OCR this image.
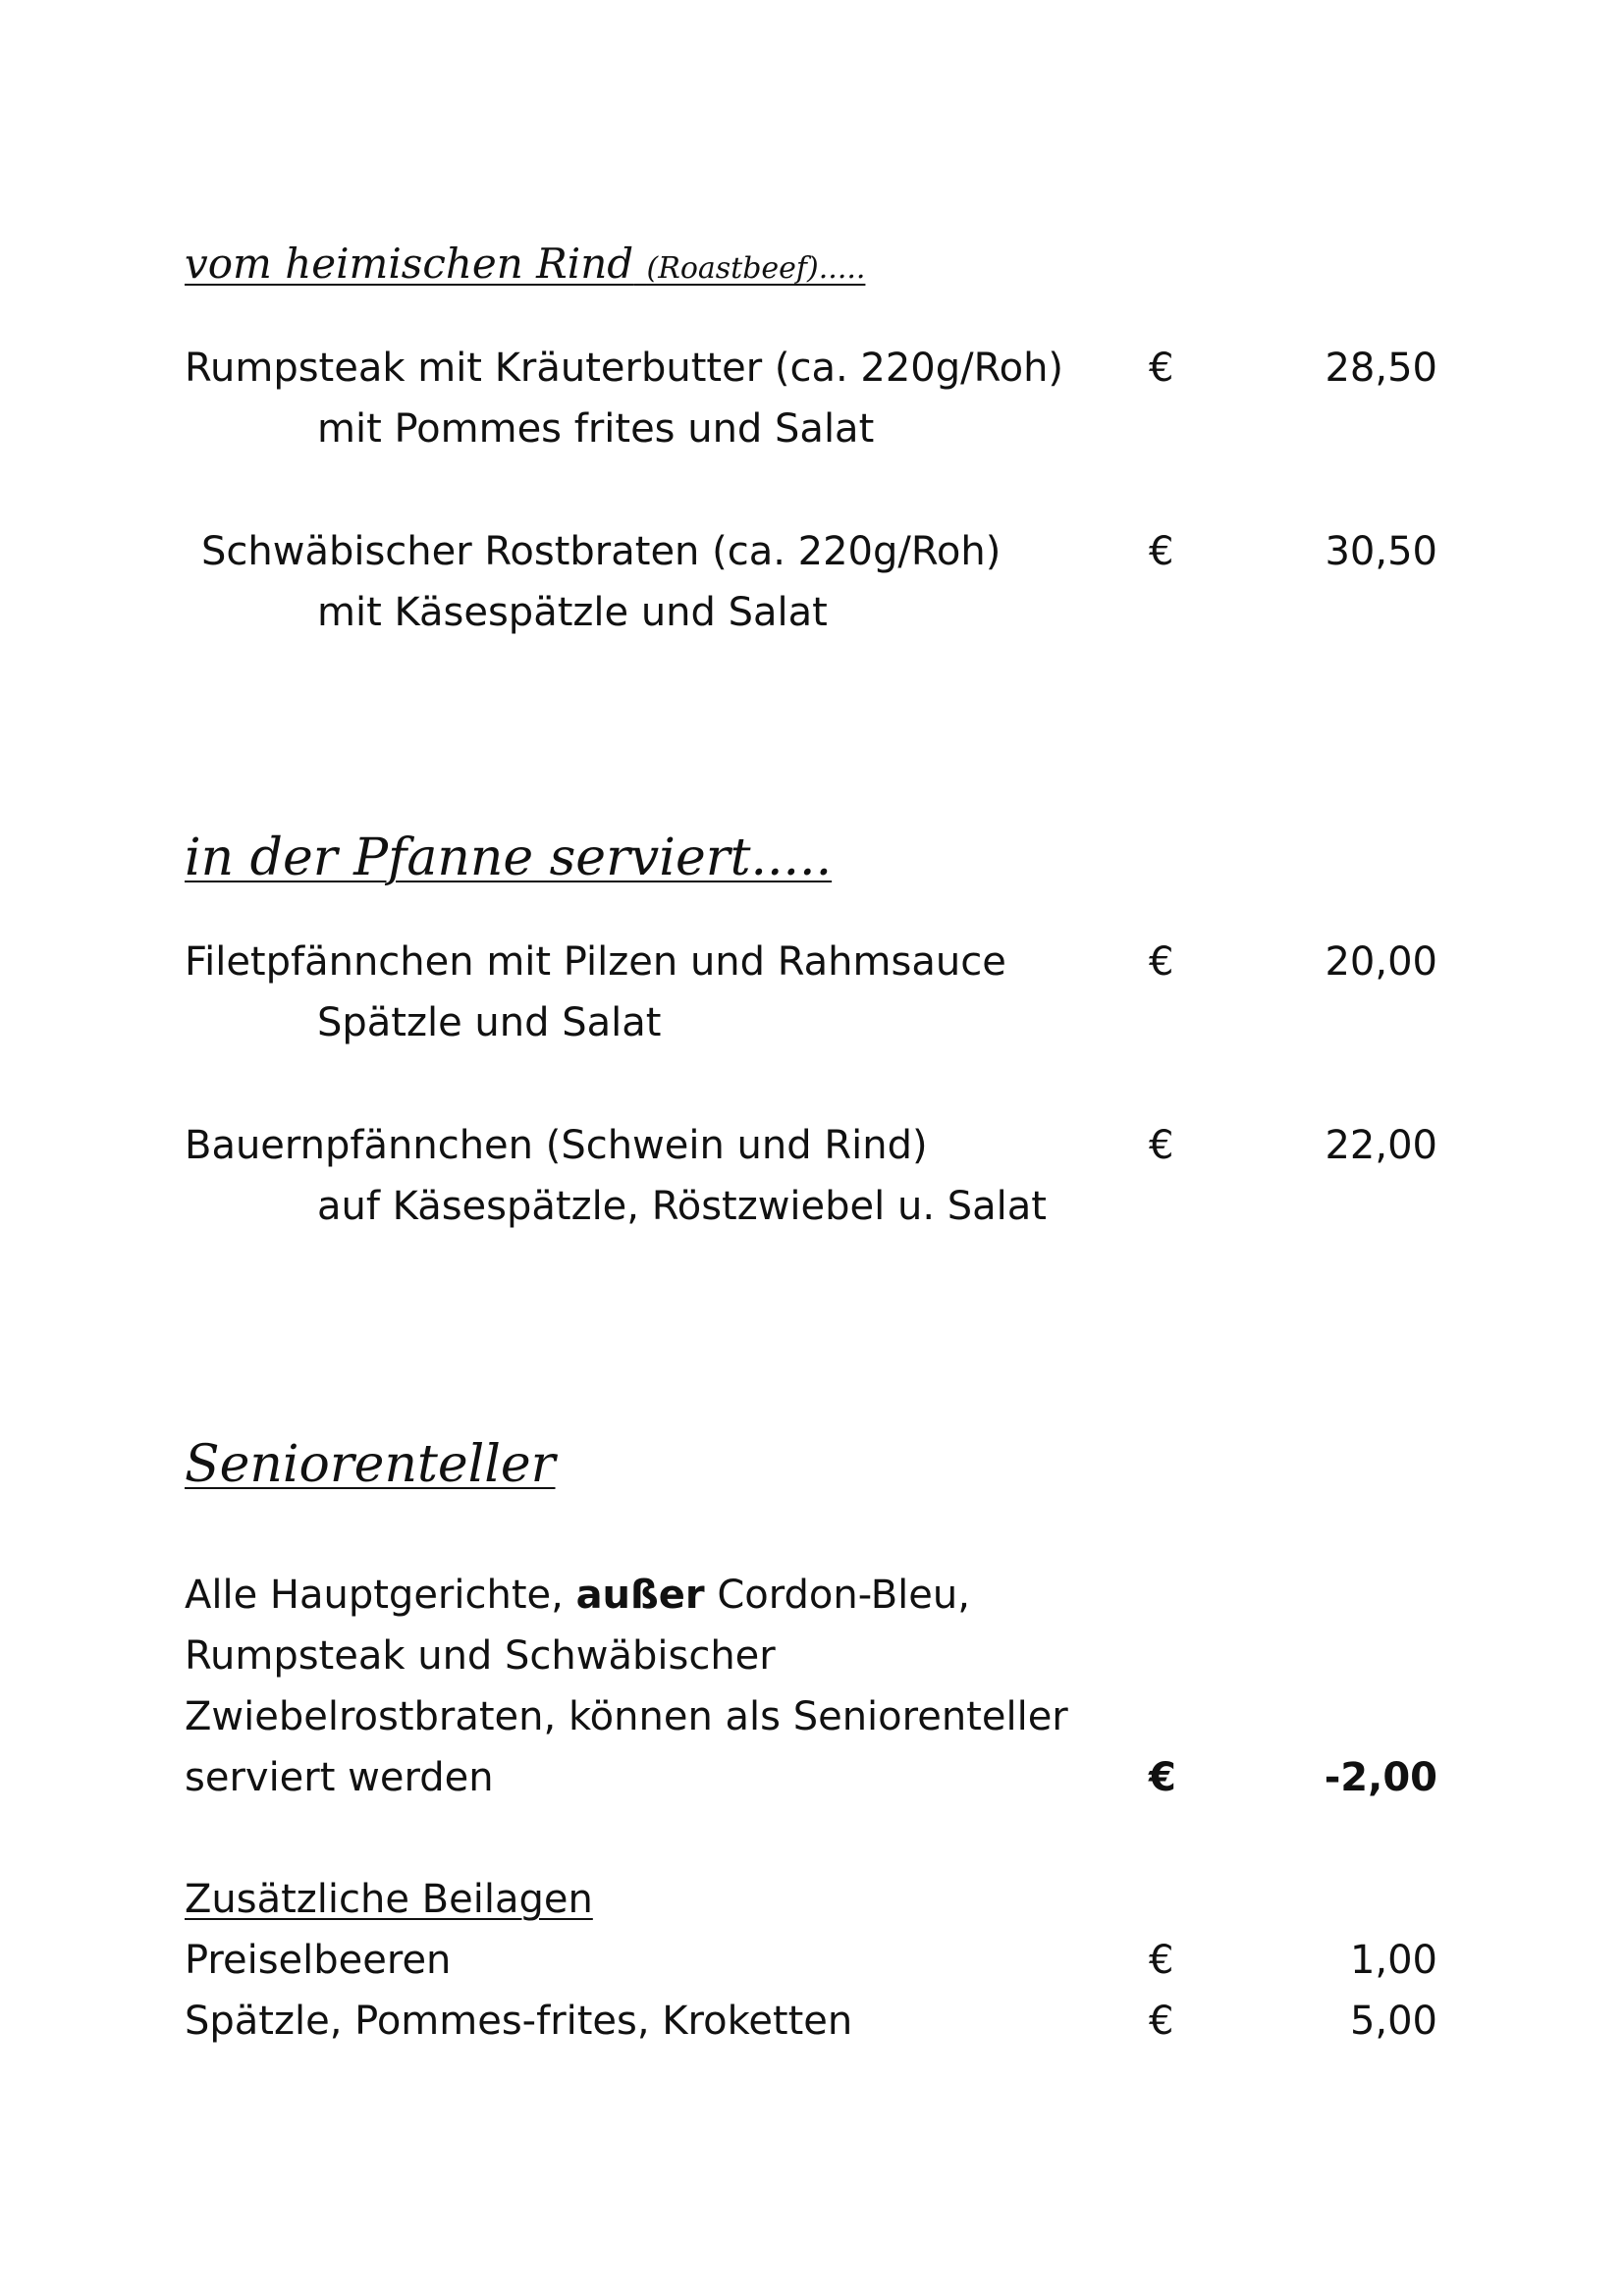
vom heimischen Rind (Roastbeef).....
Rumpsteak mit Kräuterbutter (ca. 220g/Roh) €	28,50
mit Pommes frites und Salat
Schwäbischer Rostbraten (ca. 220g/Roh)	€	30,50
mit Käsespätzle und Salat
in der Pfanne serviert.....
Filetpfännchen mit Pilzen und Rahmsauce	€	20,00
Spätzle und Salat
Bauernpfännchen (Schwein und Rind)	€	22,00
auf Käsespätzle, Röstzwiebel u. Salat
Seniorenteller
Alle Hauptgerichte, außer Cordon-Bleu,
Rumpsteak und Schwäbischer
Zwiebelrostbraten, können als Seniorenteller
serviert werden	€	-2,00
Zusätzliche Beilagen
Preiselbeeren	€	1,00
Spätzle, Pommes-frites, Kroketten	€	5,00
